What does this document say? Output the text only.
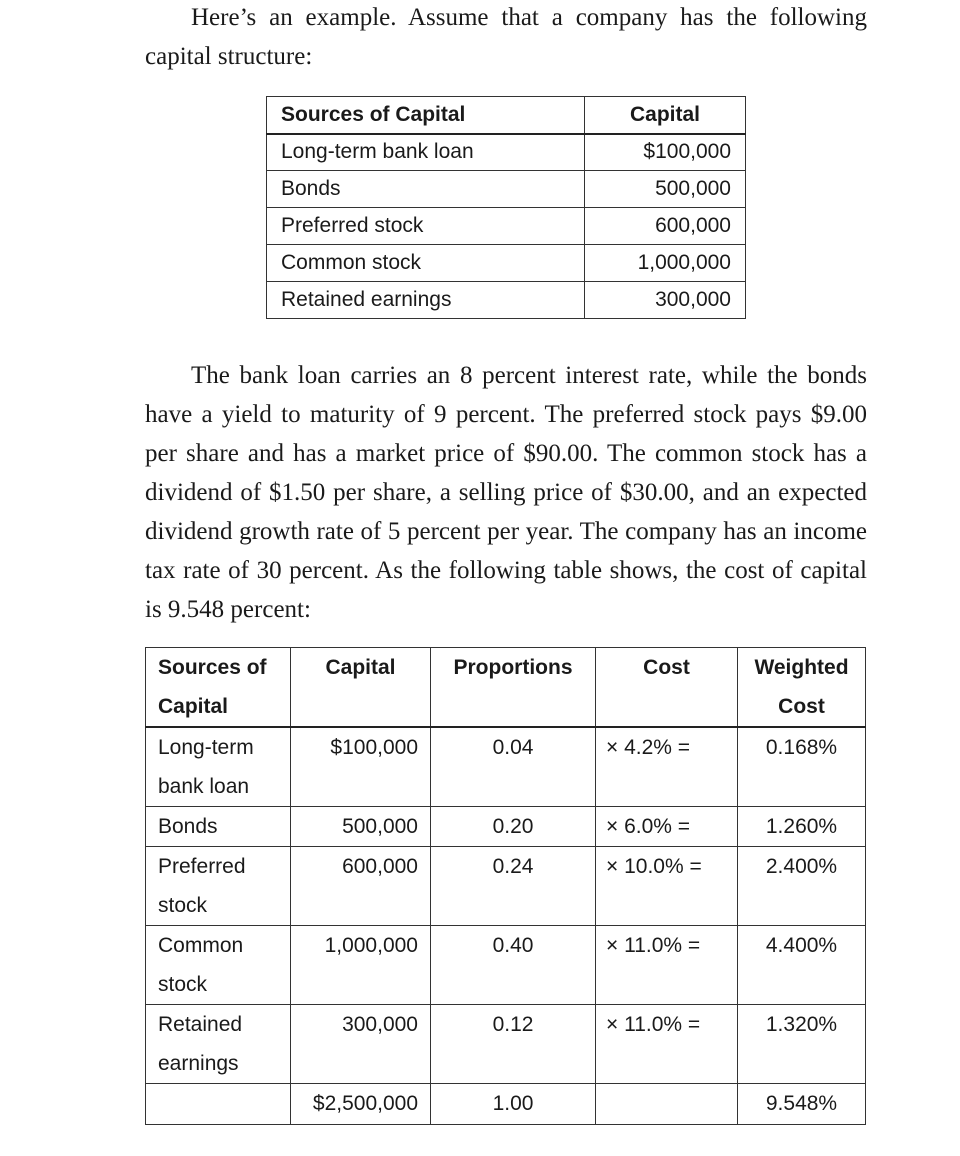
Here’s an example. Assume that a company has the following capital structure:

Sources of Capital	Capital
Long-term bank loan	$100,000
Bonds	500,000
Preferred stock	600,000
Common stock	1,000,000
Retained earnings	300,000

The bank loan carries an 8 percent interest rate, while the bonds have a yield to maturity of 9 percent. The preferred stock pays $9.00 per share and has a market price of $90.00. The common stock has a dividend of $1.50 per share, a selling price of $30.00, and an expected dividend growth rate of 5 percent per year. The company has an income tax rate of 30 percent. As the following table shows, the cost of capital is 9.548 percent:

Sources of Capital	Capital	Proportions	Cost	Weighted Cost
Long-term bank loan	$100,000	0.04	× 4.2% =	0.168%
Bonds	500,000	0.20	× 6.0% =	1.260%
Preferred stock	600,000	0.24	× 10.0% =	2.400%
Common stock	1,000,000	0.40	× 11.0% =	4.400%
Retained earnings	300,000	0.12	× 11.0% =	1.320%
	$2,500,000	1.00		9.548%
